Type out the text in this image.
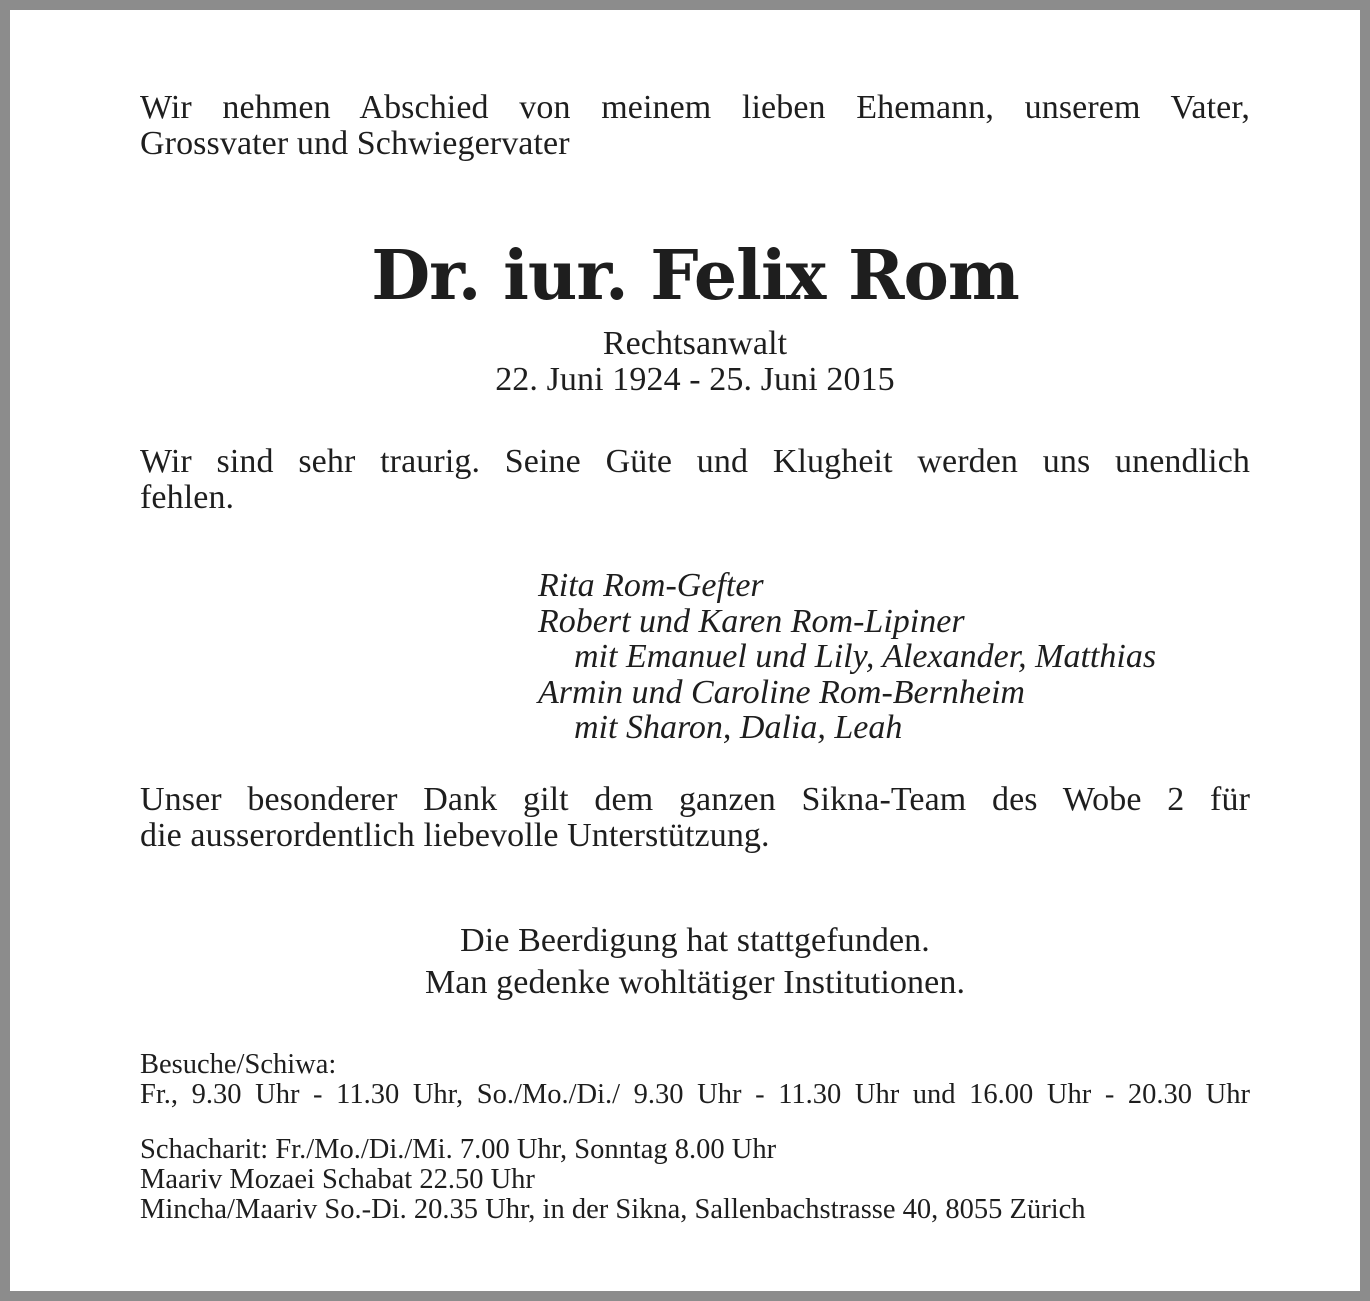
Wir nehmen Abschied von meinem lieben Ehemann, unserem Vater,
Grossvater und Schwiegervater
Dr. iur. Felix Rom
Rechtsanwalt
22. Juni 1924 - 25. Juni 2015
Wir sind sehr traurig. Seine Güte und Klugheit werden uns unendlich
fehlen.
Rita Rom-Gefter
Robert und Karen Rom-Lipiner
mit Emanuel und Lily, Alexander, Matthias
Armin und Caroline Rom-Bernheim
mit Sharon, Dalia, Leah
Unser besonderer Dank gilt dem ganzen Sikna-Team des Wobe 2 für
die ausserordentlich liebevolle Unterstützung.
Die Beerdigung hat stattgefunden.
Man gedenke wohltätiger Institutionen.
Besuche/Schiwa:
Fr., 9.30 Uhr - 11.30 Uhr, So./Mo./Di./ 9.30 Uhr - 11.30 Uhr und 16.00 Uhr - 20.30 Uhr
Schacharit: Fr./Mo./Di./Mi. 7.00 Uhr, Sonntag 8.00 Uhr
Maariv Mozaei Schabat 22.50 Uhr
Mincha/Maariv So.-Di. 20.35 Uhr, in der Sikna, Sallenbachstrasse 40, 8055 Zürich
